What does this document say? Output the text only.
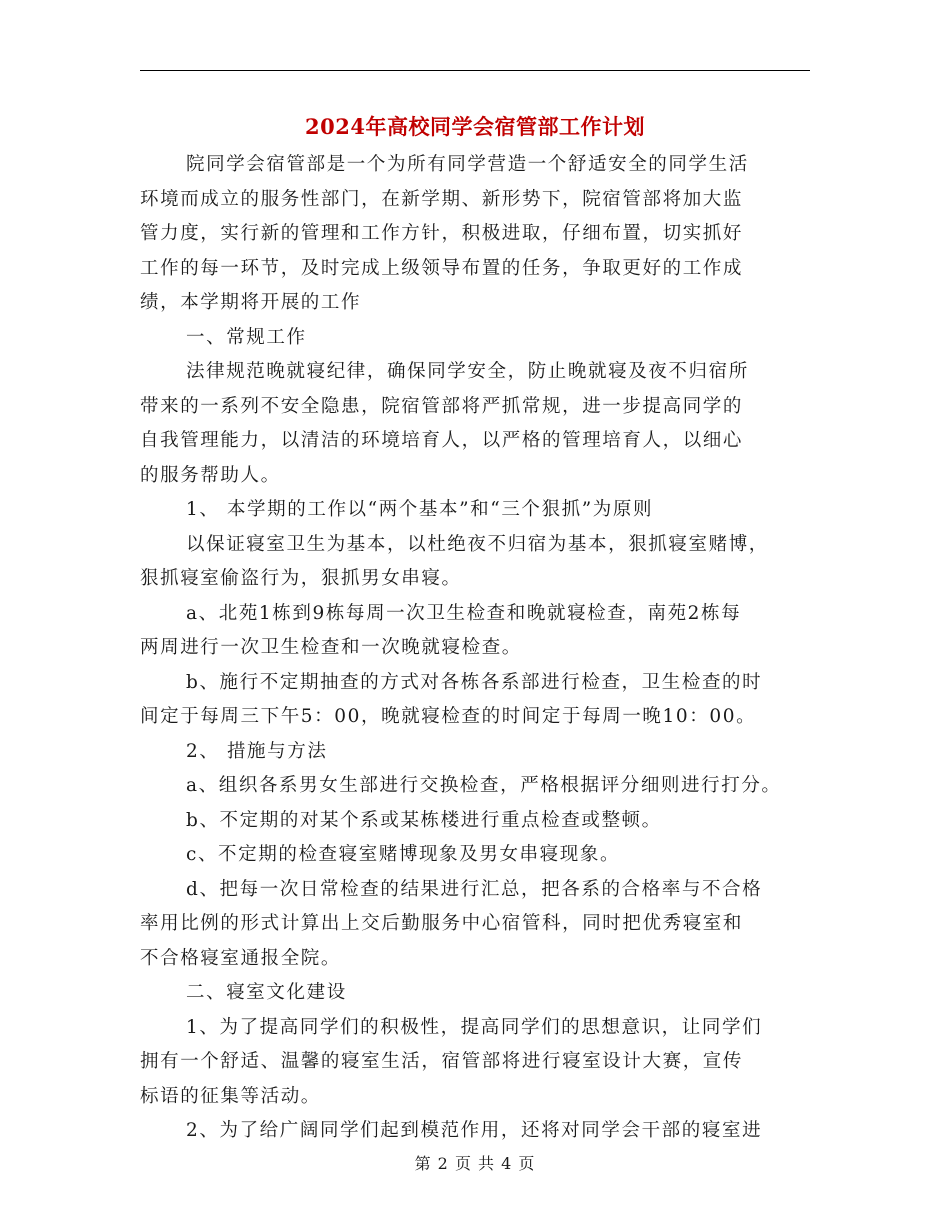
2024年高校同学会宿管部工作计划
院同学会宿管部是一个为所有同学营造一个舒适安全的同学生活
环境而成立的服务性部门，在新学期、新形势下，院宿管部将加大监
管力度，实行新的管理和工作方针，积极进取，仔细布置，切实抓好
工作的每一环节，及时完成上级领导布置的任务，争取更好的工作成
绩，本学期将开展的工作
一、常规工作
法律规范晚就寝纪律，确保同学安全，防止晚就寝及夜不归宿所
带来的一系列不安全隐患，院宿管部将严抓常规，进一步提高同学的
自我管理能力，以清洁的环境培育人，以严格的管理培育人，以细心
的服务帮助人。
1、 本学期的工作以“两个基本”和“三个狠抓”为原则
以保证寝室卫生为基本，以杜绝夜不归宿为基本，狠抓寝室赌博，
狠抓寝室偷盗行为，狠抓男女串寝。
a、北苑1栋到9栋每周一次卫生检查和晚就寝检查，南苑2栋每
两周进行一次卫生检查和一次晚就寝检查。
b、施行不定期抽查的方式对各栋各系部进行检查，卫生检查的时
间定于每周三下午5：00，晚就寝检查的时间定于每周一晚10：00。
2、 措施与方法
a、组织各系男女生部进行交换检查，严格根据评分细则进行打分。
b、不定期的对某个系或某栋楼进行重点检查或整顿。
c、不定期的检查寝室赌博现象及男女串寝现象。
d、把每一次日常检查的结果进行汇总，把各系的合格率与不合格
率用比例的形式计算出上交后勤服务中心宿管科，同时把优秀寝室和
不合格寝室通报全院。
二、寝室文化建设
1、为了提高同学们的积极性，提高同学们的思想意识，让同学们
拥有一个舒适、温馨的寝室生活，宿管部将进行寝室设计大赛，宣传
标语的征集等活动。
2、为了给广阔同学们起到模范作用，还将对同学会干部的寝室进
第 2 页 共 4 页
